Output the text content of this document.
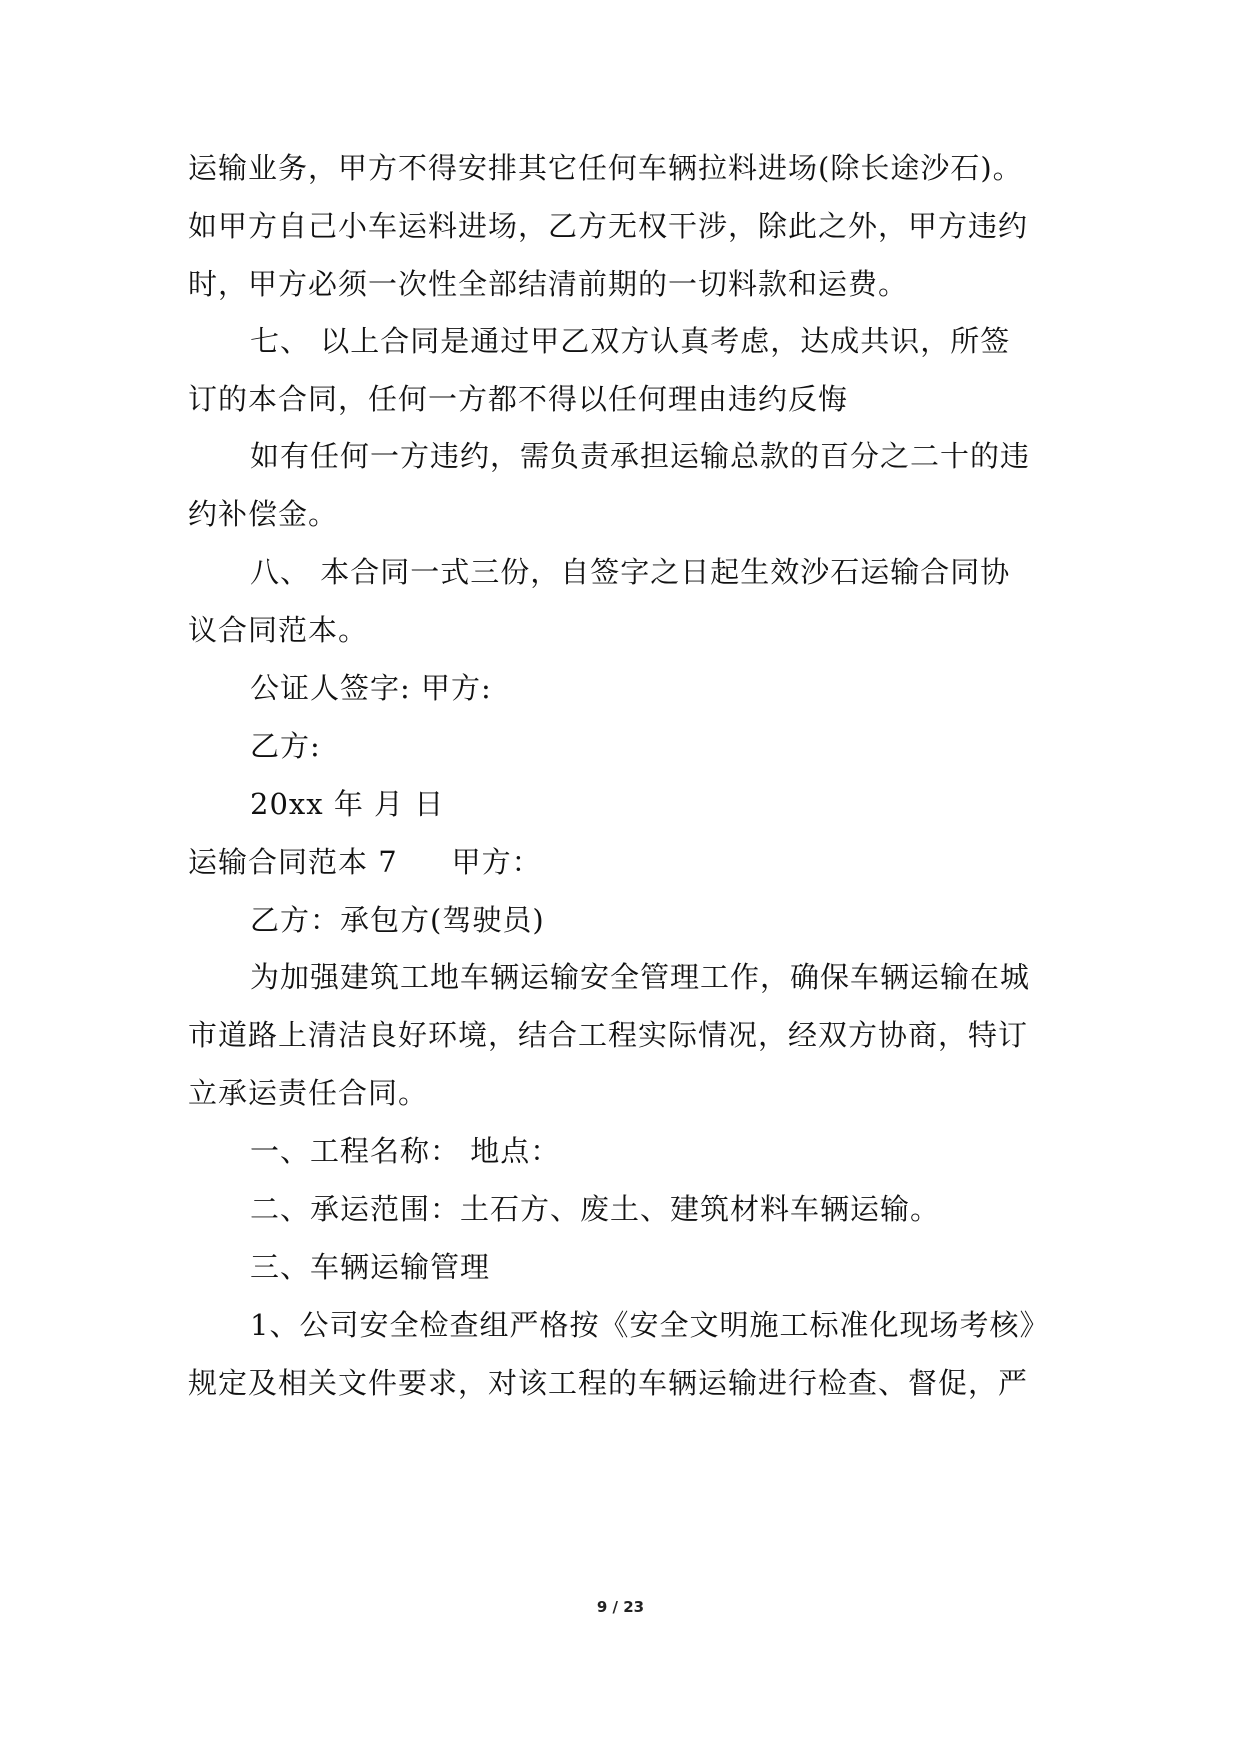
运输业务，甲方不得安排其它任何车辆拉料进场(除长途沙石)。
如甲方自己小车运料进场，乙方无权干涉，除此之外，甲方违约
时，甲方必须一次性全部结清前期的一切料款和运费。
七、 以上合同是通过甲乙双方认真考虑，达成共识，所签
订的本合同，任何一方都不得以任何理由违约反悔
如有任何一方违约，需负责承担运输总款的百分之二十的违
约补偿金。
八、 本合同一式三份，自签字之日起生效沙石运输合同协
议合同范本。
公证人签字: 甲方:
乙方:
20xx 年 月 日
运输合同范本 7 甲方：
乙方：承包方(驾驶员)
为加强建筑工地车辆运输安全管理工作，确保车辆运输在城
市道路上清洁良好环境，结合工程实际情况，经双方协商，特订
立承运责任合同。
一、工程名称： 地点：
二、承运范围：土石方、废土、建筑材料车辆运输。
三、车辆运输管理
1、公司安全检查组严格按《安全文明施工标准化现场考核》
规定及相关文件要求，对该工程的车辆运输进行检查、督促，严
9 / 23
